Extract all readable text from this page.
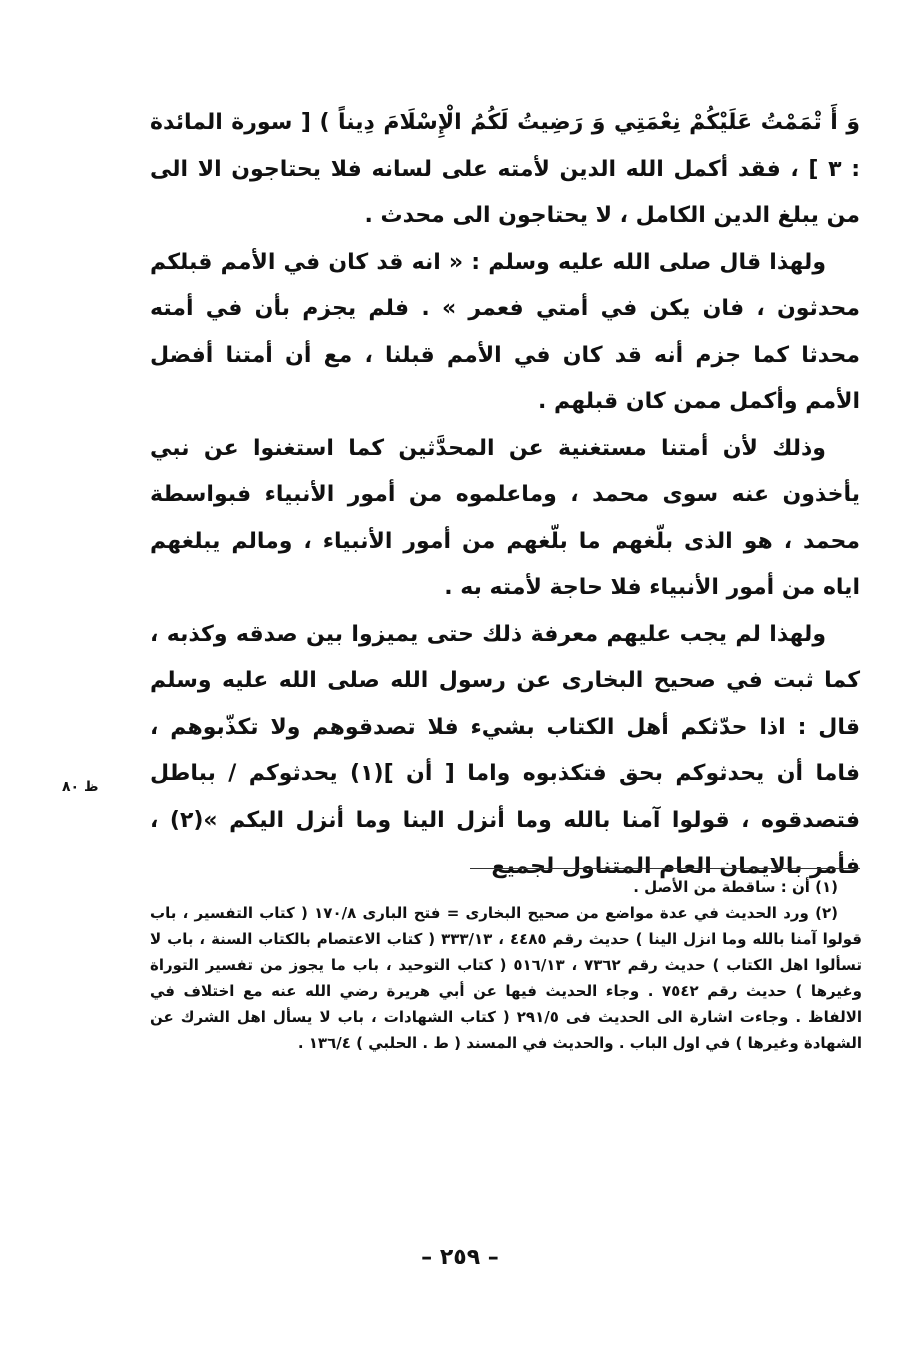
وَ أَ تْمَمْتُ عَلَيْكُمْ نِعْمَتِي وَ رَضِيتُ لَكُمُ الْإِسْلَامَ دِيناً ) [ سورة المائدة : ٣ ] ، فقد أكمل الله الدين لأمته على لسانه فلا يحتاجون الا الى من يبلغ الدين الكامل ، لا يحتاجون الى محدث .

ولهذا قال صلى الله عليه وسلم : « انه قد كان في الأمم قبلكم محدثون ، فان يكن في أمتي فعمر » . فلم يجزم بأن في أمته محدثا كما جزم أنه قد كان في الأمم قبلنا ، مع أن أمتنا أفضل الأمم وأكمل ممن كان قبلهم .

وذلك لأن أمتنا مستغنية عن المحدَّثين كما استغنوا عن نبي يأخذون عنه سوى محمد ، وماعلموه من أمور الأنبياء فبواسطة محمد ، هو الذى بلّغهم ما بلّغهم من أمور الأنبياء ، ومالم يبلغهم اياه من أمور الأنبياء فلا حاجة لأمته به .

ولهذا لم يجب عليهم معرفة ذلك حتى يميزوا بين صدقه وكذبه ، كما ثبت في صحيح البخارى عن رسول الله صلى الله عليه وسلم قال : اذا حدّثكم أهل الكتاب بشيء فلا تصدقوهم ولا تكذّبوهم ، فاما أن يحدثوكم بحق فتكذبوه واما [ أن ](١) يحدثوكم / بباطل فتصدقوه ، قولوا آمنا بالله وما أنزل الينا وما أنزل اليكم »(٢) ، فأمر بالايمان العام المتناول لجميع

ظ ٨٠

(١) أن : ساقطة من الأصل .

(٢) ورد الحديث في عدة مواضع من صحيح البخارى = فتح البارى ١٧٠/٨ ( كتاب التفسير ، باب قولوا آمنا بالله وما انزل الينا ) حديث رقم ٤٤٨٥ ، ٣٣٣/١٣ ( كتاب الاعتصام بالكتاب السنة ، باب لا تسألوا اهل الكتاب ) حديث رقم ٧٣٦٢ ، ٥١٦/١٣ ( كتاب التوحيد ، باب ما يجوز من تفسير التوراة وغيرها ) حديث رقم ٧٥٤٢ . وجاء الحديث فيها عن أبي هريرة رضي الله عنه مع اختلاف في الالفاظ . وجاءت اشارة الى الحديث فى ٢٩١/٥ ( كتاب الشهادات ، باب لا يسأل اهل الشرك عن الشهادة وغيرها ) في اول الباب . والحديث في المسند ( ط . الحلبي ) ١٣٦/٤ .

– ٢٥٩ –
